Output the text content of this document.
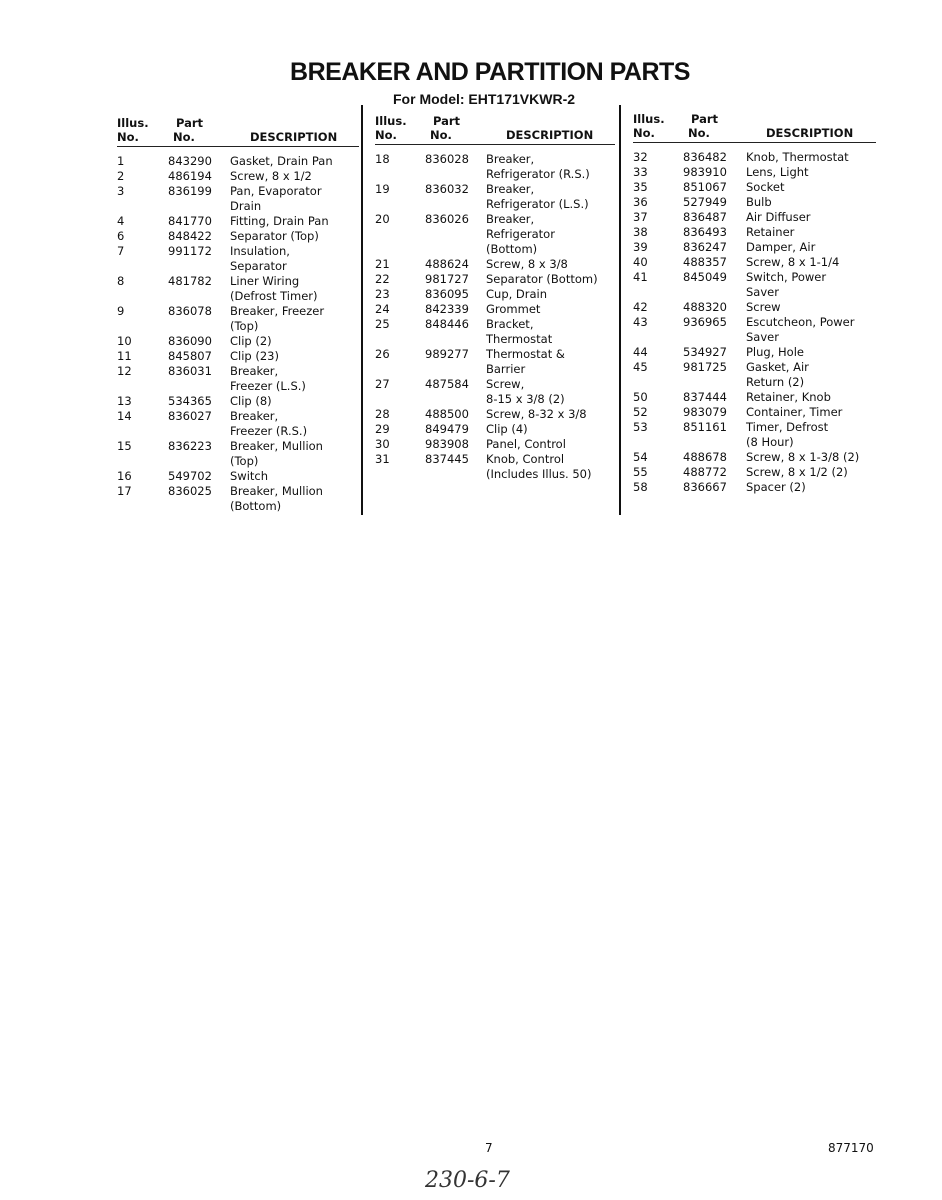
BREAKER AND PARTITION PARTS
For Model: EHT171VKWR-2
Illus.
No.
Part
No.	DESCRIPTION
1	843290 Gasket, Drain Pan
2	486194 Screw, 8 x 1/2
3	836199 Pan, Evaporator
Drain
4	841770 Fitting, Drain Pan
6	848422 Separator (Top)
7	991172 Insulation,
Separator
8	481782 Liner Wiring
(Defrost Timer)
9	836078 Breaker, Freezer
(Top)
10	836090 Clip (2)
11	845807 Clip (23)
12	836031 Breaker,
Freezer (L.S.)
13	534365 Clip (8)
14	836027 Breaker,
Freezer (R.S.)
15	836223 Breaker, Mullion
(Top)
16	549702 Switch
17	836025 Breaker, Mullion
(Bottom)
Illus.
No.
Part
No.	DESCRIPTION
18	836028 Breaker,
Refrigerator (R.S.)
19	836032 Breaker,
Refrigerator (L.S.)
20	836026 Breaker,
Refrigerator
(Bottom)
21	488624 Screw, 8 x 3/8
22	981727 Separator (Bottom)
23	836095 Cup, Drain
24	842339 Grommet
25	848446 Bracket,
Thermostat
26	989277 Thermostat &
Barrier
27	487584 Screw,
8-15 x 3/8 (2)
28	488500 Screw, 8-32 x 3/8
29	849479 Clip (4)
30	983908 Panel, Control
31	837445 Knob, Control
(Includes Illus. 50)
Illus.
No.
Part
No.	DESCRIPTION
32	836482 Knob, Thermostat
33	983910 Lens, Light
35	851067 Socket
36	527949 Bulb
37	836487 Air Diffuser
38	836493 Retainer
39	836247 Damper, Air
40	488357 Screw, 8 x 1-1/4
41	845049 Switch, Power
Saver
42	488320 Screw
43	936965 Escutcheon, Power
Saver
44	534927 Plug, Hole
45	981725 Gasket, Air
Return (2)
50	837444 Retainer, Knob
52	983079 Container, Timer
53	851161 Timer, Defrost
(8 Hour)
54	488678 Screw, 8 x 1-3/8 (2)
55	488772 Screw, 8 x 1/2 (2)
58	836667 Spacer (2)
7	877170
230-6-7
